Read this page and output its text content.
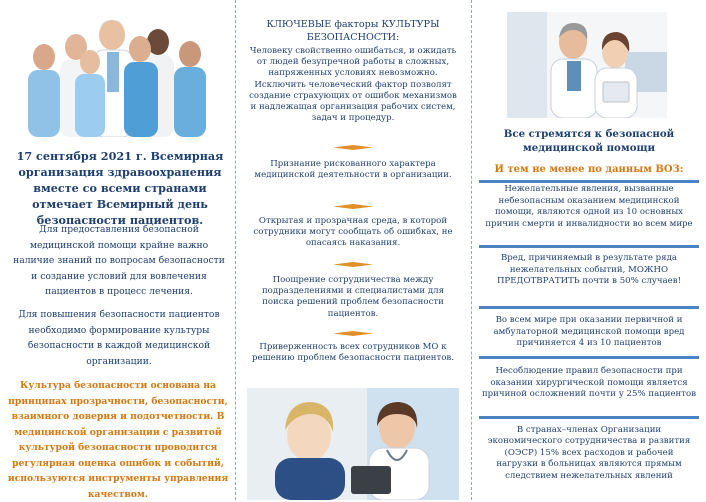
17 сентября 2021 г. Всемирная организация здравоохранения вместе со всеми странами отмечает Всемирный день безопасности пациентов.

Для предоставления безопасной медицинской помощи крайне важно наличие знаний по вопросам безопасности и создание условий для вовлечения пациентов в процесс лечения.

Для повышения безопасности пациентов необходимо формирование культуры безопасности в каждой медицинской организации.

Культура безопасности основана на принципах прозрачности, безопасности, взаимного доверия и подотчетности. В медицинской организации с развитой культурой безопасности проводится регулярная оценка ошибок и событий, используются инструменты управления качеством.

КЛЮЧЕВЫЕ факторы КУЛЬТУРЫ БЕЗОПАСНОСТИ:

Человеку свойственно ошибаться, и ожидать от людей безупречной работы в сложных, напряженных условиях невозможно. Исключить человеческий фактор позволят создание страхующих от ошибок механизмов и надлежащая организация рабочих систем, задач и процедур.

Признание рискованного характера медицинской деятельности в организации.

Открытая и прозрачная среда, в которой сотрудники могут сообщать об ошибках, не опасаясь наказания.

Поощрение сотрудничества между подразделениями и специалистами для поиска решений проблем безопасности пациентов.

Приверженность всех сотрудников МО к решению проблем безопасности пациентов.

Все стремятся к безопасной медицинской помощи

И тем не менее по данным ВОЗ:

Нежелательные явления, вызванные небезопасным оказанием медицинской помощи, являются одной из 10 основных причин смерти и инвалидности во всем мире

Вред, причиняемый в результате ряда нежелательных событий, МОЖНО ПРЕДОТВРАТИТЬ почти в 50% случаев!

Во всем мире при оказании первичной и амбулаторной медицинской помощи вред причиняется 4 из 10 пациентов

Несоблюдение правил безопасности при оказании хирургической помощи является причиной осложнений почти у 25% пациентов

В странах–членах Организации экономического сотрудничества и развития (ОЭСР) 15% всех расходов и рабочей нагрузки в больницах являются прямым следствием нежелательных явлений
